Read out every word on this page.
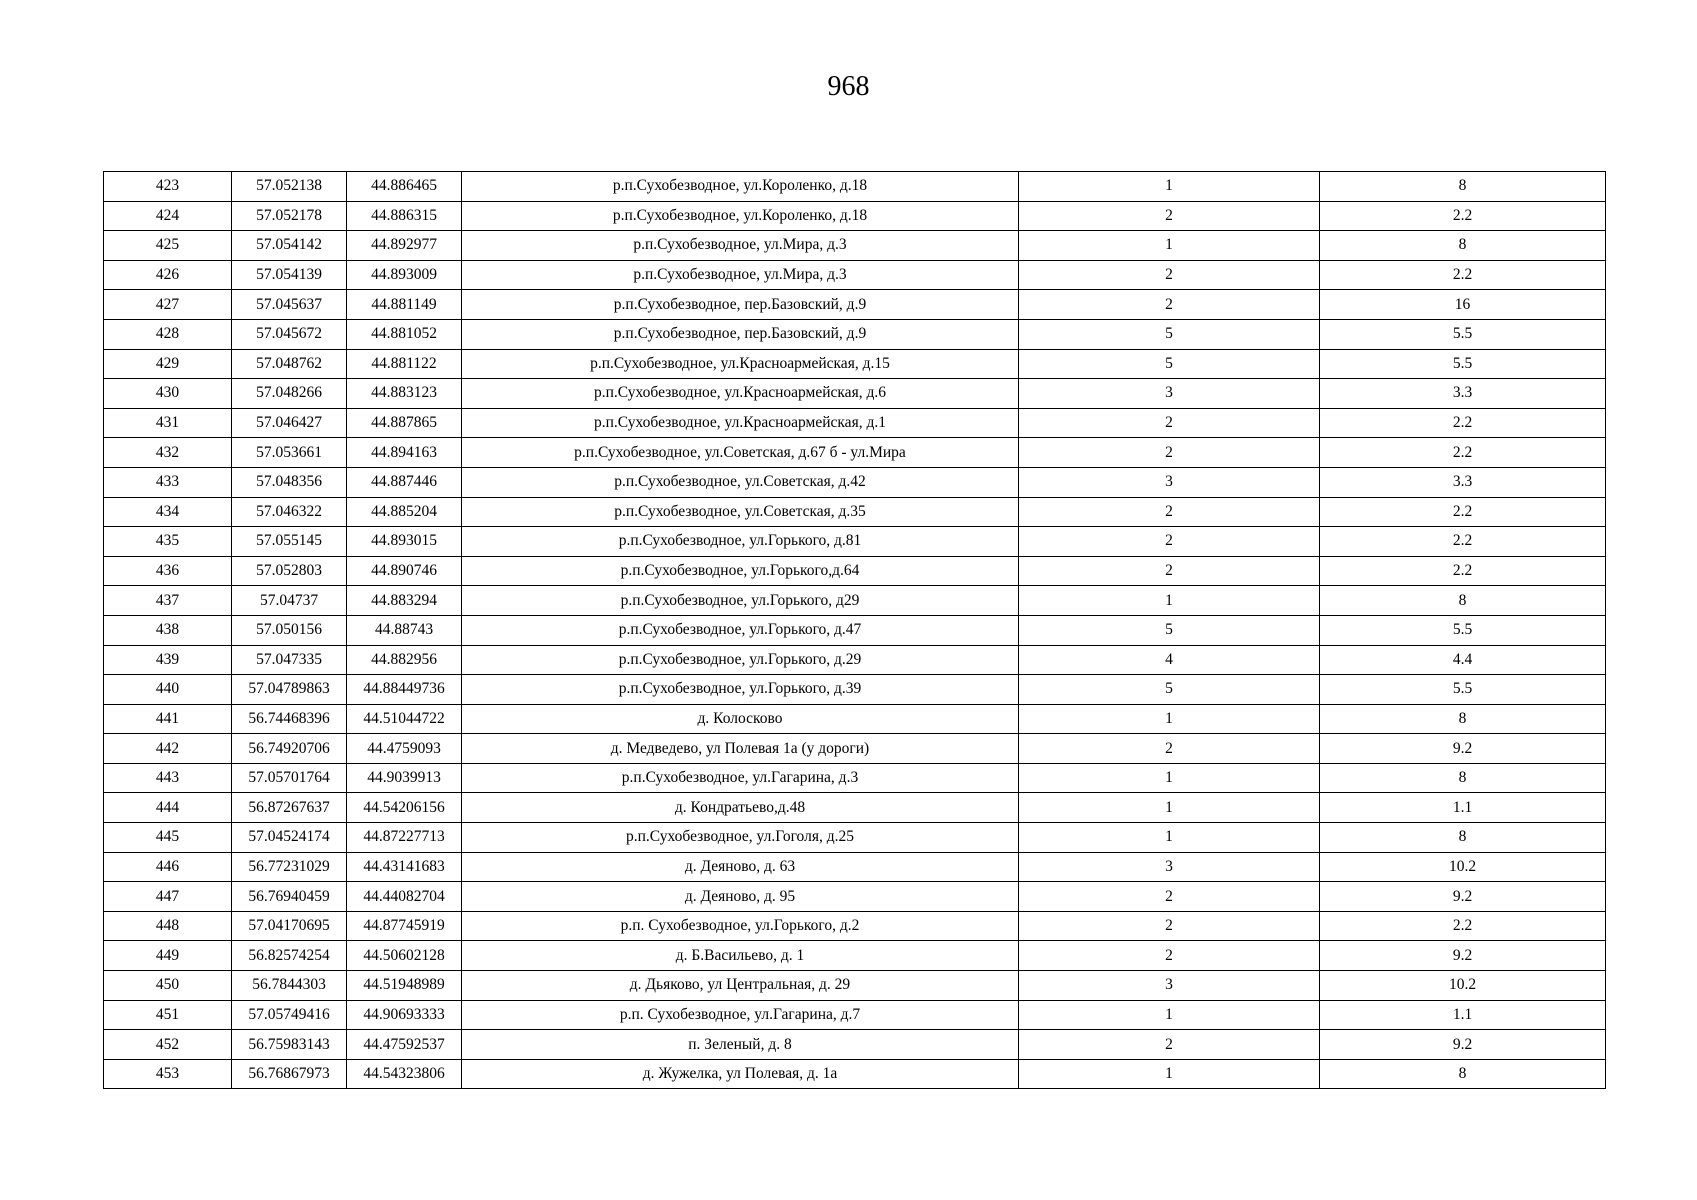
968
423	57.052138	44.886465	р.п.Сухобезводное, ул.Короленко, д.18	1	8
424	57.052178	44.886315	р.п.Сухобезводное, ул.Короленко, д.18	2	2.2
425	57.054142	44.892977	р.п.Сухобезводное, ул.Мира, д.3	1	8
426	57.054139	44.893009	р.п.Сухобезводное, ул.Мира, д.3	2	2.2
427	57.045637	44.881149	р.п.Сухобезводное, пер.Базовский, д.9	2	16
428	57.045672	44.881052	р.п.Сухобезводное, пер.Базовский, д.9	5	5.5
429	57.048762	44.881122	р.п.Сухобезводное, ул.Красноармейская, д.15	5	5.5
430	57.048266	44.883123	р.п.Сухобезводное, ул.Красноармейская, д.6	3	3.3
431	57.046427	44.887865	р.п.Сухобезводное, ул.Красноармейская, д.1	2	2.2
432	57.053661	44.894163	р.п.Сухобезводное, ул.Советская, д.67 б - ул.Мира	2	2.2
433	57.048356	44.887446	р.п.Сухобезводное, ул.Советская, д.42	3	3.3
434	57.046322	44.885204	р.п.Сухобезводное, ул.Советская, д.35	2	2.2
435	57.055145	44.893015	р.п.Сухобезводное, ул.Горького, д.81	2	2.2
436	57.052803	44.890746	р.п.Сухобезводное, ул.Горького,д.64	2	2.2
437	57.04737	44.883294	р.п.Сухобезводное, ул.Горького, д29	1	8
438	57.050156	44.88743	р.п.Сухобезводное, ул.Горького, д.47	5	5.5
439	57.047335	44.882956	р.п.Сухобезводное, ул.Горького, д.29	4	4.4
440	57.04789863	44.88449736	р.п.Сухобезводное, ул.Горького, д.39	5	5.5
441	56.74468396	44.51044722	д. Колосково	1	8
442	56.74920706	44.4759093	д. Медведево, ул Полевая 1а (у дороги)	2	9.2
443	57.05701764	44.9039913	р.п.Сухобезводное, ул.Гагарина, д.3	1	8
444	56.87267637	44.54206156	д. Кондратьево,д.48	1	1.1
445	57.04524174	44.87227713	р.п.Сухобезводное, ул.Гоголя, д.25	1	8
446	56.77231029	44.43141683	д. Деяново, д. 63	3	10.2
447	56.76940459	44.44082704	д. Деяново, д. 95	2	9.2
448	57.04170695	44.87745919	р.п. Сухобезводное, ул.Горького, д.2	2	2.2
449	56.82574254	44.50602128	д. Б.Васильево, д. 1	2	9.2
450	56.7844303	44.51948989	д. Дьяково, ул Центральная, д. 29	3	10.2
451	57.05749416	44.90693333	р.п. Сухобезводное, ул.Гагарина, д.7	1	1.1
452	56.75983143	44.47592537	п. Зеленый, д. 8	2	9.2
453	56.76867973	44.54323806	д. Жужелка, ул Полевая, д. 1а	1	8
